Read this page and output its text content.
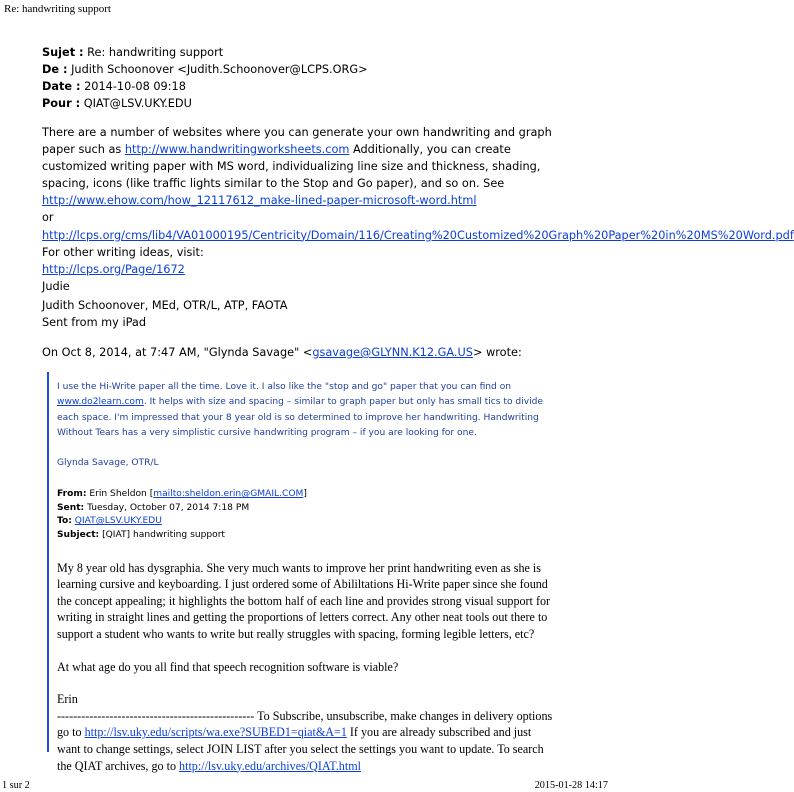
Re: handwriting support
Sujet : Re: handwriting support
De : Judith Schoonover <Judith.Schoonover@LCPS.ORG>
Date : 2014-10-08 09:18
Pour : QIAT@LSV.UKY.EDU

There are a number of websites where you can generate your own handwriting and graph paper such as http://www.handwritingworksheets.com Additionally, you can create customized writing paper with MS word, individualizing line size and thickness, shading, spacing, icons (like traffic lights similar to the Stop and Go paper), and so on. See http://www.ehow.com/how_12117612_make-lined-paper-microsoft-word.html

or http://lcps.org/cms/lib4/VA01000195/Centricity/Domain/116/Creating%20Customized%20Graph%20Paper%20in%20MS%20Word.pdf

For other writing ideas, visit:

http://lcps.org/Page/1672

Judie

Judith Schoonover, MEd, OTR/L, ATP, FAOTA
Sent from my iPad
On Oct 8, 2014, at 7:47 AM, "Glynda Savage" <gsavage@GLYNN.K12.GA.US> wrote:

I use the Hi-Write paper all the time. Love it. I also like the "stop and go" paper that you can find on www.do2learn.com. It helps with size and spacing – similar to graph paper but only has small tics to divide each space. I'm impressed that your 8 year old is so determined to improve her handwriting. Handwriting Without Tears has a very simplistic cursive handwriting program – if you are looking for one.

Glynda Savage, OTR/L
From: Erin Sheldon [mailto:sheldon.erin@GMAIL.COM]
Sent: Tuesday, October 07, 2014 7:18 PM
To: QIAT@LSV.UKY.EDU
Subject: [QIAT] handwriting support

My 8 year old has dysgraphia. She very much wants to improve her print handwriting even as she is learning cursive and keyboarding. I just ordered some of Abililtations Hi-Write paper since she found the concept appealing; it highlights the bottom half of each line and provides strong visual support for writing in straight lines and getting the proportions of letters correct. Any other neat tools out there to support a student who wants to write but really struggles with spacing, forming legible letters, etc?

At what age do you all find that speech recognition software is viable?

Erin

------------------------------------------------- To Subscribe, unsubscribe, make changes in delivery options go to http://lsv.uky.edu/scripts/wa.exe?SUBED1=qiat&A=1 If you are already subscribed and just want to change settings, select JOIN LIST after you select the settings you want to update. To search the QIAT archives, go to http://lsv.uky.edu/archives/QIAT.html

1 sur 2	2015-01-28 14:17
